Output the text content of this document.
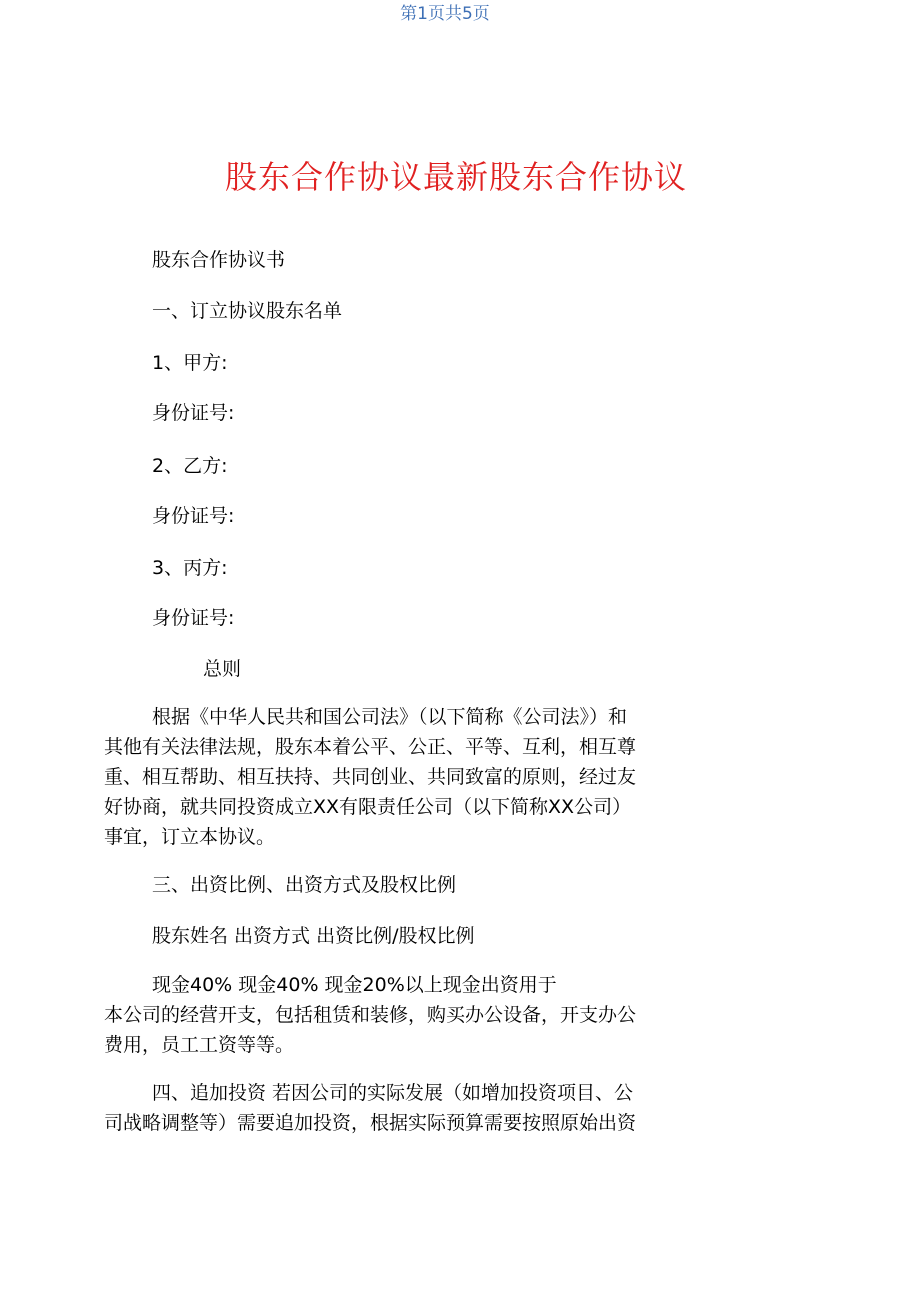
第1页共5页
股东合作协议最新股东合作协议
股东合作协议书
一、订立协议股东名单
1、甲方:
身份证号:
2、乙方:
身份证号:
3、丙方:
身份证号:
总则
根据《中华人民共和国公司法》（以下简称《公司法》）和
其他有关法律法规，股东本着公平、公正、平等、互利，相互尊
重、相互帮助、相互扶持、共同创业、共同致富的原则，经过友
好协商，就共同投资成立XX有限责任公司（以下简称XX公司）
事宜，订立本协议。
三、出资比例、出资方式及股权比例
股东姓名 出资方式 出资比例/股权比例
现金40% 现金40% 现金20%以上现金出资用于
本公司的经营开支，包括租赁和装修，购买办公设备，开支办公
费用，员工工资等等。
四、追加投资 若因公司的实际发展（如增加投资项目、公
司战略调整等）需要追加投资，根据实际预算需要按照原始出资
